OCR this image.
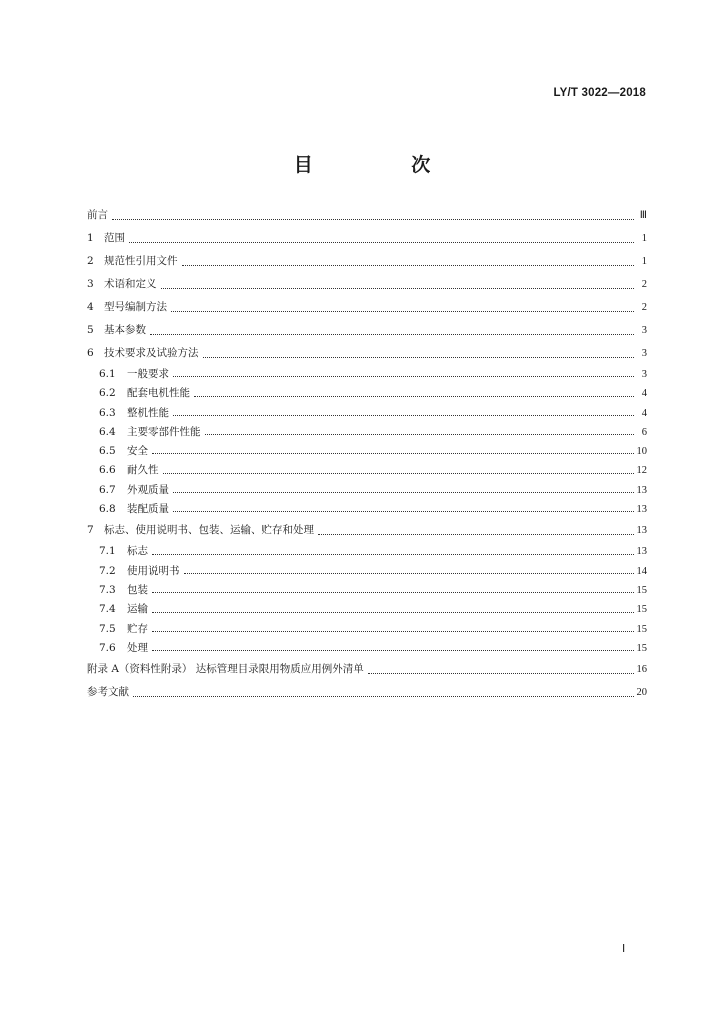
LY/T 3022—2018
目 次
前言	Ⅲ
1 范围	1
2 规范性引用文件	1
3 术语和定义	2
4 型号编制方法	2
5 基本参数	3
6 技术要求及试验方法	3
6.1	一般要求	3
6.2	配套电机性能	4
6.3	整机性能	4
6.4	主要零部件性能	6
6.5	安全	10
6.6	耐久性	12
6.7	外观质量	13
6.8	装配质量	13
7 标志、使用说明书、包装、运输、贮存和处理	13
7.1	标志	13
7.2	使用说明书	14
7.3	包装	15
7.4	运输	15
7.5	贮存	15
7.6	处理	15
附录 A（资料性附录） 达标管理目录限用物质应用例外清单	16
参考文献	20
Ⅰ
